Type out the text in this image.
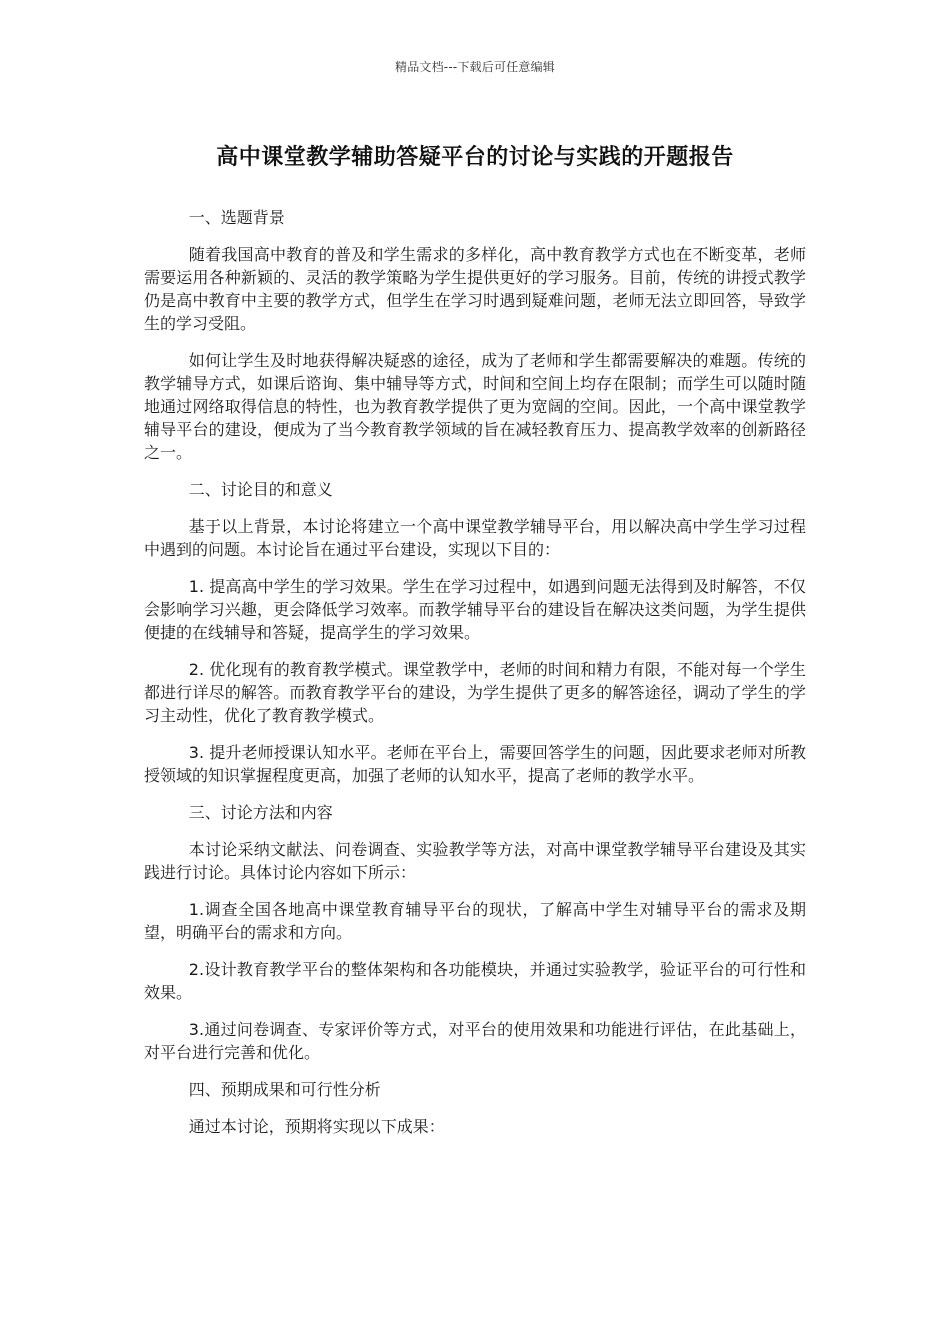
精品文档---下载后可任意编辑
高中课堂教学辅助答疑平台的讨论与实践的开题报告

一、选题背景

随着我国高中教育的普及和学生需求的多样化，高中教育教学方式也在不断变革，老师需要运用各种新颖的、灵活的教学策略为学生提供更好的学习服务。目前，传统的讲授式教学仍是高中教育中主要的教学方式，但学生在学习时遇到疑难问题，老师无法立即回答，导致学生的学习受阻。

如何让学生及时地获得解决疑惑的途径，成为了老师和学生都需要解决的难题。传统的教学辅导方式，如课后谘询、集中辅导等方式，时间和空间上均存在限制；而学生可以随时随地通过网络取得信息的特性，也为教育教学提供了更为宽阔的空间。因此，一个高中课堂教学辅导平台的建设，便成为了当今教育教学领域的旨在减轻教育压力、提高教学效率的创新路径之一。

二、讨论目的和意义

基于以上背景，本讨论将建立一个高中课堂教学辅导平台，用以解决高中学生学习过程中遇到的问题。本讨论旨在通过平台建设，实现以下目的：

1. 提高高中学生的学习效果。学生在学习过程中，如遇到问题无法得到及时解答，不仅会影响学习兴趣，更会降低学习效率。而教学辅导平台的建设旨在解决这类问题，为学生提供便捷的在线辅导和答疑，提高学生的学习效果。

2. 优化现有的教育教学模式。课堂教学中，老师的时间和精力有限，不能对每一个学生都进行详尽的解答。而教育教学平台的建设，为学生提供了更多的解答途径，调动了学生的学习主动性，优化了教育教学模式。

3. 提升老师授课认知水平。老师在平台上，需要回答学生的问题，因此要求老师对所教授领域的知识掌握程度更高，加强了老师的认知水平，提高了老师的教学水平。

三、讨论方法和内容

本讨论采纳文献法、问卷调查、实验教学等方法，对高中课堂教学辅导平台建设及其实践进行讨论。具体讨论内容如下所示：

1.调查全国各地高中课堂教育辅导平台的现状，了解高中学生对辅导平台的需求及期望，明确平台的需求和方向。

2.设计教育教学平台的整体架构和各功能模块，并通过实验教学，验证平台的可行性和效果。

3.通过问卷调查、专家评价等方式，对平台的使用效果和功能进行评估，在此基础上，对平台进行完善和优化。

四、预期成果和可行性分析

通过本讨论，预期将实现以下成果：
